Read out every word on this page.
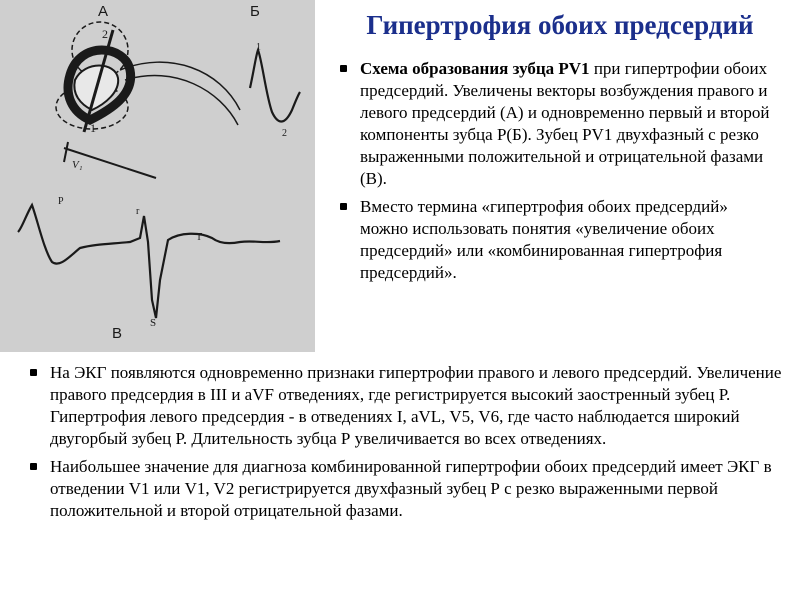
Гипертрофия обоих предсердий
А
2
1
V₁
Б
1
2
P
r
T
S
В
Схема образования зубца PV1 при гипертрофии обоих предсердий. Увеличены векторы возбуждения правого и левого предсердий (А) и одновременно первый и второй компоненты зубца Р(Б). Зубец PV1 двухфазный с резко выраженными положительной и отрицательной фазами (В).
Вместо термина «гипертрофия обоих предсердий» можно использовать понятия «увеличение обоих предсердий» или «комбинированная гипертрофия предсердий».
На ЭКГ появляются одновременно признаки гипертрофии правого и левого предсердий. Увеличение правого предсердия в III и aVF отведениях, где регистрируется высокий заостренный зубец Р. Гипертрофия левого предсердия - в отведениях I, aVL, V5, V6, где часто наблюдается широкий двугорбый зубец Р. Длительность зубца Р увеличивается во всех отведениях.
Наибольшее значение для диагноза комбинированной гипертрофии обоих предсердий имеет ЭКГ в отведении V1 или V1, V2 регистрируется двухфазный зубец Р с резко выраженными первой положительной и второй отрицательной фазами.
